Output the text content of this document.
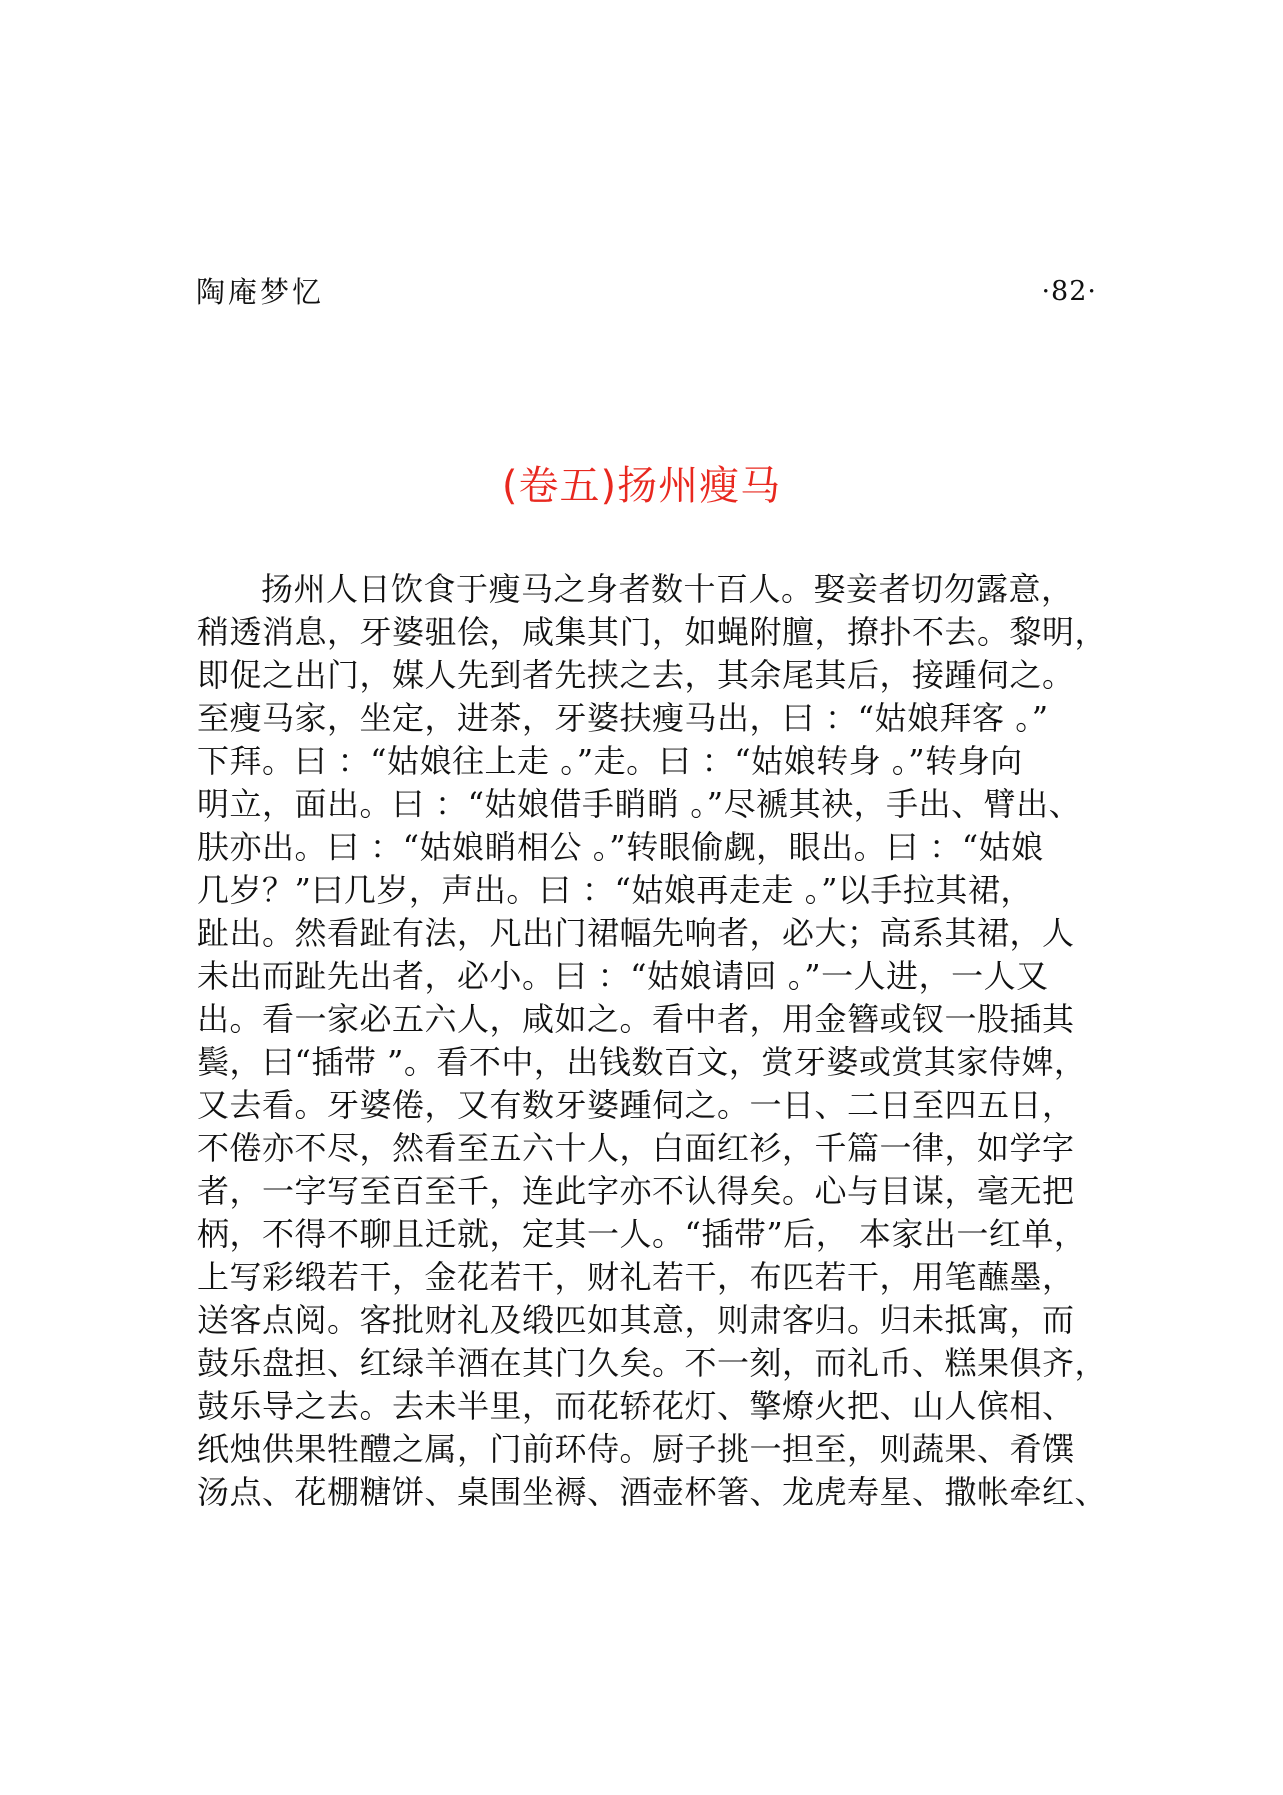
陶庵梦忆	·82·
(卷五)扬州瘦马
扬州人日饮食于瘦马之身者数十百人。娶妾者切勿露意，
稍透消息，牙婆驵侩，咸集其门，如蝇附膻，撩扑不去。黎明，
即促之出门，媒人先到者先挟之去，其余尾其后，接踵伺之。
至瘦马家，坐定，进茶，牙婆扶瘦马出，曰 ：“姑娘拜客 。”
下拜。曰 ：“姑娘往上走 。”走。曰 ：“姑娘转身 。”转身向
明立，面出。曰 ：“姑娘借手睄睄 。”尽褫其袂，手出、臂出、
肤亦出。曰 ：“姑娘睄相公 。”转眼偷觑，眼出。曰 ：“姑娘
几岁？”曰几岁，声出。曰 ：“姑娘再走走 。”以手拉其裙，
趾出。然看趾有法，凡出门裙幅先响者，必大；高系其裙，人
未出而趾先出者，必小。曰 ：“姑娘请回 。”一人进，一人又
出。看一家必五六人，咸如之。看中者，用金簪或钗一股插其
鬓，曰“插带 ”。看不中，出钱数百文，赏牙婆或赏其家侍婢，
又去看。牙婆倦，又有数牙婆踵伺之。一日、二日至四五日，
不倦亦不尽，然看至五六十人，白面红衫，千篇一律，如学字
者，一字写至百至千，连此字亦不认得矣。心与目谋，毫无把
柄，不得不聊且迁就，定其一人。“插带”后， 本家出一红单，
上写彩缎若干，金花若干，财礼若干，布匹若干，用笔蘸墨，
送客点阅。客批财礼及缎匹如其意，则肃客归。归未抵寓，而
鼓乐盘担、红绿羊酒在其门久矣。不一刻，而礼币、糕果俱齐，
鼓乐导之去。去未半里，而花轿花灯、擎燎火把、山人傧相、
纸烛供果牲醴之属，门前环侍。厨子挑一担至，则蔬果、肴馔
汤点、花棚糖饼、桌围坐褥、酒壶杯箸、龙虎寿星、撒帐牵红、
